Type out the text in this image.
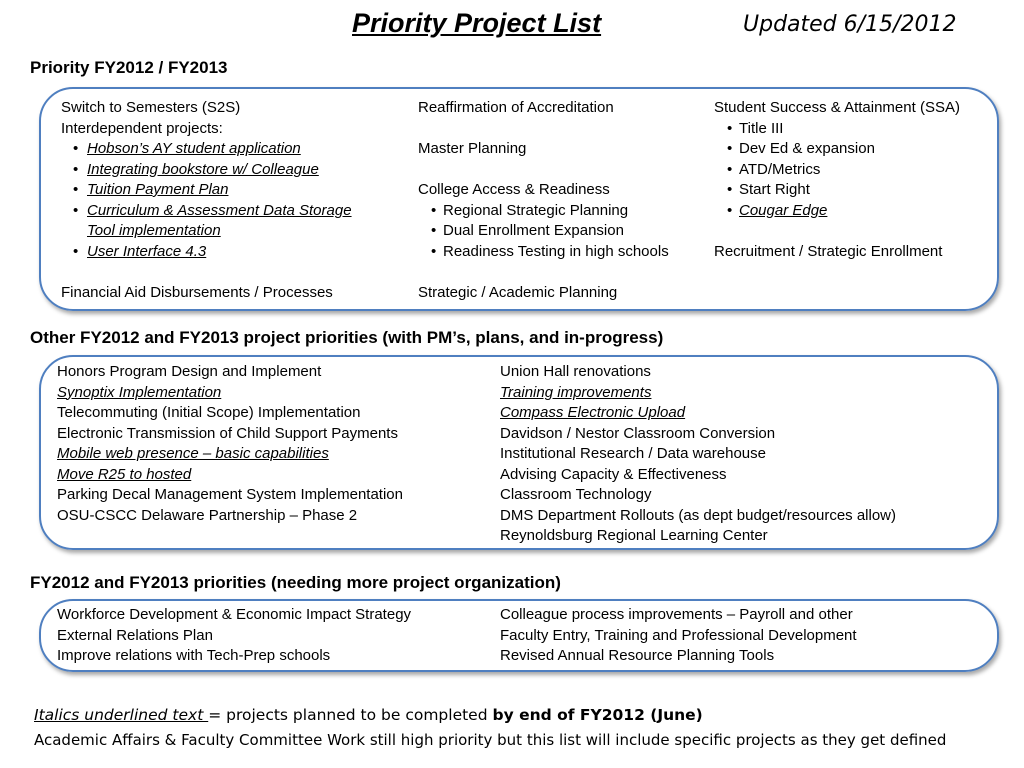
Priority Project List	Updated 6/15/2012
Priority FY2012 / FY2013
Switch to Semesters (S2S)
Interdependent projects:
• Hobson’s AY student application
• Integrating bookstore w/ Colleague
• Tuition Payment Plan
• Curriculum & Assessment Data Storage
Tool implementation
• User Interface 4.3
Financial Aid Disbursements / Processes
Reaffirmation of Accreditation
Master Planning
College Access & Readiness
• Regional Strategic Planning
• Dual Enrollment Expansion
• Readiness Testing in high schools
Strategic / Academic Planning
Student Success & Attainment (SSA)
• Title III
• Dev Ed & expansion
• ATD/Metrics
• Start Right
• Cougar Edge
Recruitment / Strategic Enrollment
Other FY2012 and FY2013 project priorities (with PM’s, plans, and in-progress)
Honors Program Design and Implement
Synoptix Implementation
Telecommuting (Initial Scope) Implementation
Electronic Transmission of Child Support Payments
Mobile web presence – basic capabilities
Move R25 to hosted
Parking Decal Management System Implementation
OSU-CSCC Delaware Partnership – Phase 2
Union Hall renovations
Training improvements
Compass Electronic Upload
Davidson / Nestor Classroom Conversion
Institutional Research / Data warehouse
Advising Capacity & Effectiveness
Classroom Technology
DMS Department Rollouts (as dept budget/resources allow)
Reynoldsburg Regional Learning Center
FY2012 and FY2013 priorities (needing more project organization)
Workforce Development & Economic Impact Strategy
External Relations Plan
Improve relations with Tech-Prep schools
Colleague process improvements – Payroll and other
Faculty Entry, Training and Professional Development
Revised Annual Resource Planning Tools
Italics underlined text = projects planned to be completed by end of FY2012 (June)
Academic Affairs & Faculty Committee Work still high priority but this list will include specific projects as they get defined
